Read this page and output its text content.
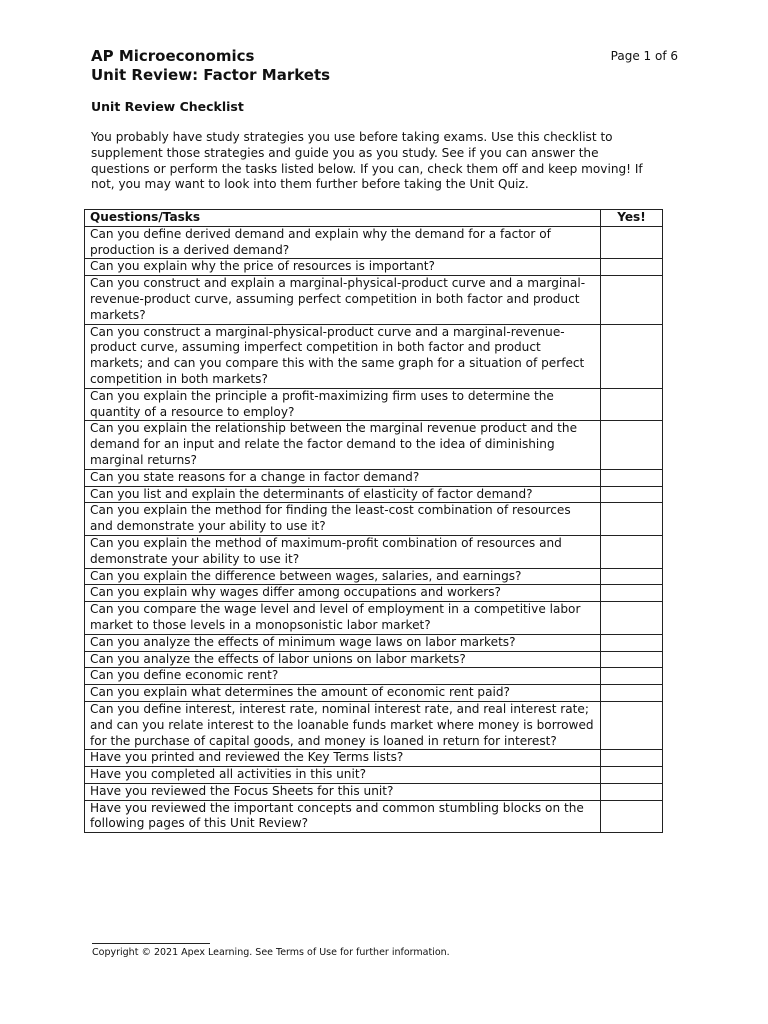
AP Microeconomics
Unit Review: Factor Markets
Page 1 of 6
Unit Review Checklist
You probably have study strategies you use before taking exams. Use this checklist to supplement those strategies and guide you as you study. See if you can answer the questions or perform the tasks listed below. If you can, check them off and keep moving! If not, you may want to look into them further before taking the Unit Quiz.
Questions/Tasks	Yes!
Can you define derived demand and explain why the demand for a factor of production is a derived demand?	
Can you explain why the price of resources is important?	
Can you construct and explain a marginal-physical-product curve and a marginal-revenue-product curve, assuming perfect competition in both factor and product markets?	
Can you construct a marginal-physical-product curve and a marginal-revenue-product curve, assuming imperfect competition in both factor and product markets; and can you compare this with the same graph for a situation of perfect competition in both markets?	
Can you explain the principle a profit-maximizing firm uses to determine the quantity of a resource to employ?	
Can you explain the relationship between the marginal revenue product and the demand for an input and relate the factor demand to the idea of diminishing marginal returns?	
Can you state reasons for a change in factor demand?	
Can you list and explain the determinants of elasticity of factor demand?	
Can you explain the method for finding the least-cost combination of resources and demonstrate your ability to use it?	
Can you explain the method of maximum-profit combination of resources and demonstrate your ability to use it?	
Can you explain the difference between wages, salaries, and earnings?	
Can you explain why wages differ among occupations and workers?	
Can you compare the wage level and level of employment in a competitive labor market to those levels in a monopsonistic labor market?	
Can you analyze the effects of minimum wage laws on labor markets?	
Can you analyze the effects of labor unions on labor markets?	
Can you define economic rent?	
Can you explain what determines the amount of economic rent paid?	
Can you define interest, interest rate, nominal interest rate, and real interest rate; and can you relate interest to the loanable funds market where money is borrowed for the purchase of capital goods, and money is loaned in return for interest?	
Have you printed and reviewed the Key Terms lists?	
Have you completed all activities in this unit?	
Have you reviewed the Focus Sheets for this unit?	
Have you reviewed the important concepts and common stumbling blocks on the following pages of this Unit Review?	
Copyright © 2021 Apex Learning. See Terms of Use for further information.
